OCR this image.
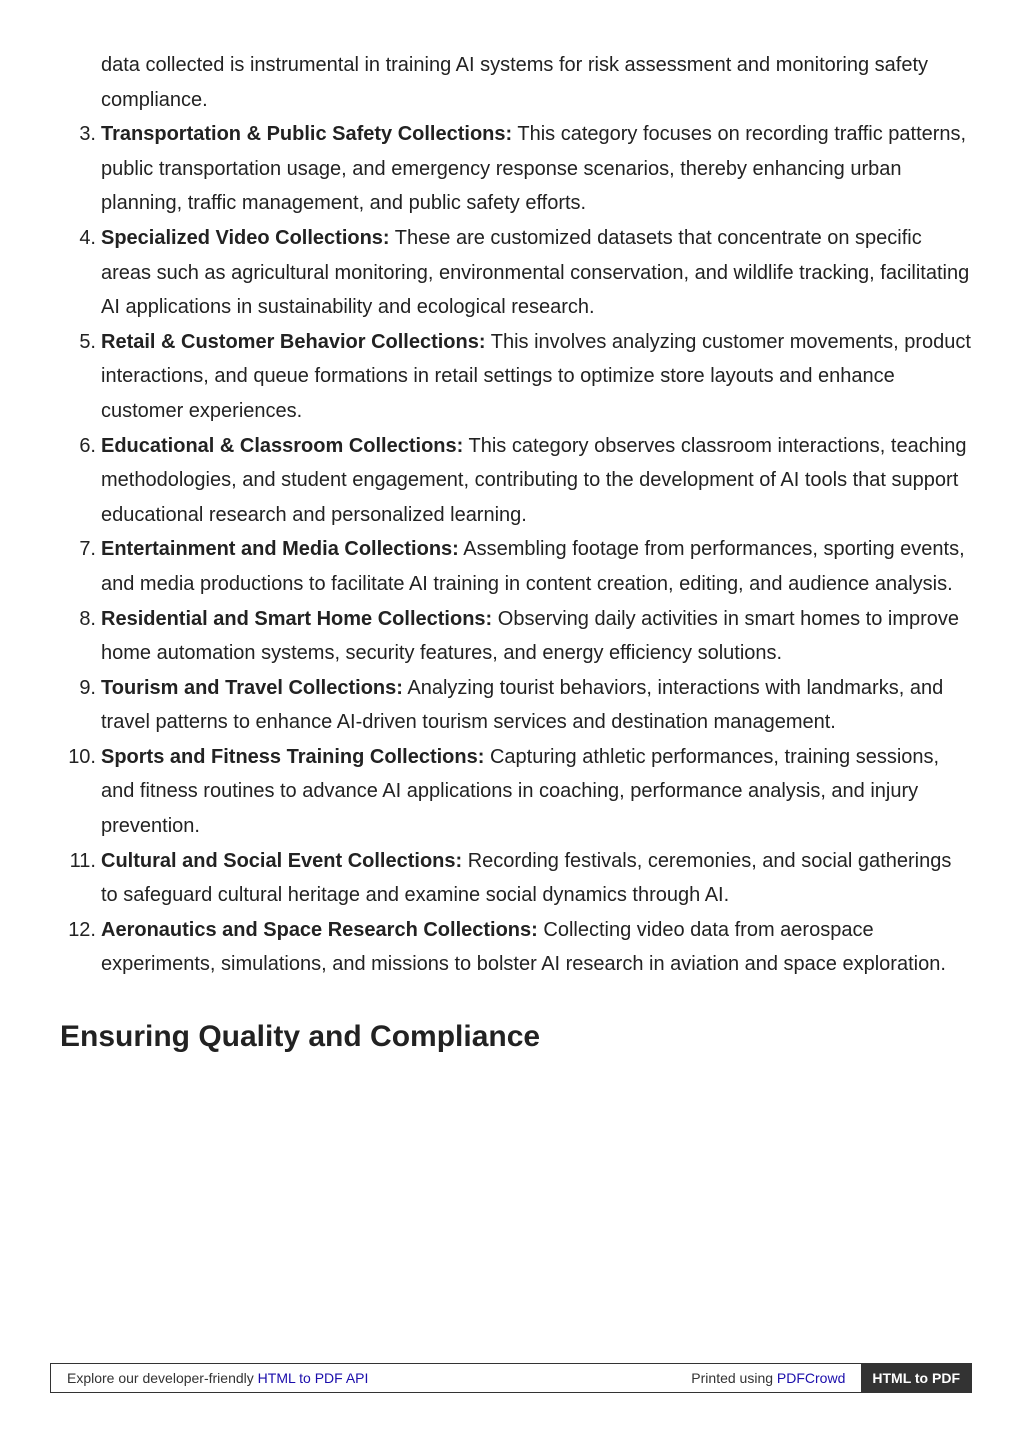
data collected is instrumental in training AI systems for risk assessment and monitoring safety compliance.

3. Transportation & Public Safety Collections: This category focuses on recording traffic patterns, public transportation usage, and emergency response scenarios, thereby enhancing urban planning, traffic management, and public safety efforts.
4. Specialized Video Collections: These are customized datasets that concentrate on specific areas such as agricultural monitoring, environmental conservation, and wildlife tracking, facilitating AI applications in sustainability and ecological research.
5. Retail & Customer Behavior Collections: This involves analyzing customer movements, product interactions, and queue formations in retail settings to optimize store layouts and enhance customer experiences.
6. Educational & Classroom Collections: This category observes classroom interactions, teaching methodologies, and student engagement, contributing to the development of AI tools that support educational research and personalized learning.
7. Entertainment and Media Collections: Assembling footage from performances, sporting events, and media productions to facilitate AI training in content creation, editing, and audience analysis.
8. Residential and Smart Home Collections: Observing daily activities in smart homes to improve home automation systems, security features, and energy efficiency solutions.
9. Tourism and Travel Collections: Analyzing tourist behaviors, interactions with landmarks, and travel patterns to enhance AI-driven tourism services and destination management.
10. Sports and Fitness Training Collections: Capturing athletic performances, training sessions, and fitness routines to advance AI applications in coaching, performance analysis, and injury prevention.
11. Cultural and Social Event Collections: Recording festivals, ceremonies, and social gatherings to safeguard cultural heritage and examine social dynamics through AI.
12. Aeronautics and Space Research Collections: Collecting video data from aerospace experiments, simulations, and missions to bolster AI research in aviation and space exploration.
Ensuring Quality and Compliance
Explore our developer-friendly HTML to PDF API	Printed using PDFCrowd	HTML to PDF
